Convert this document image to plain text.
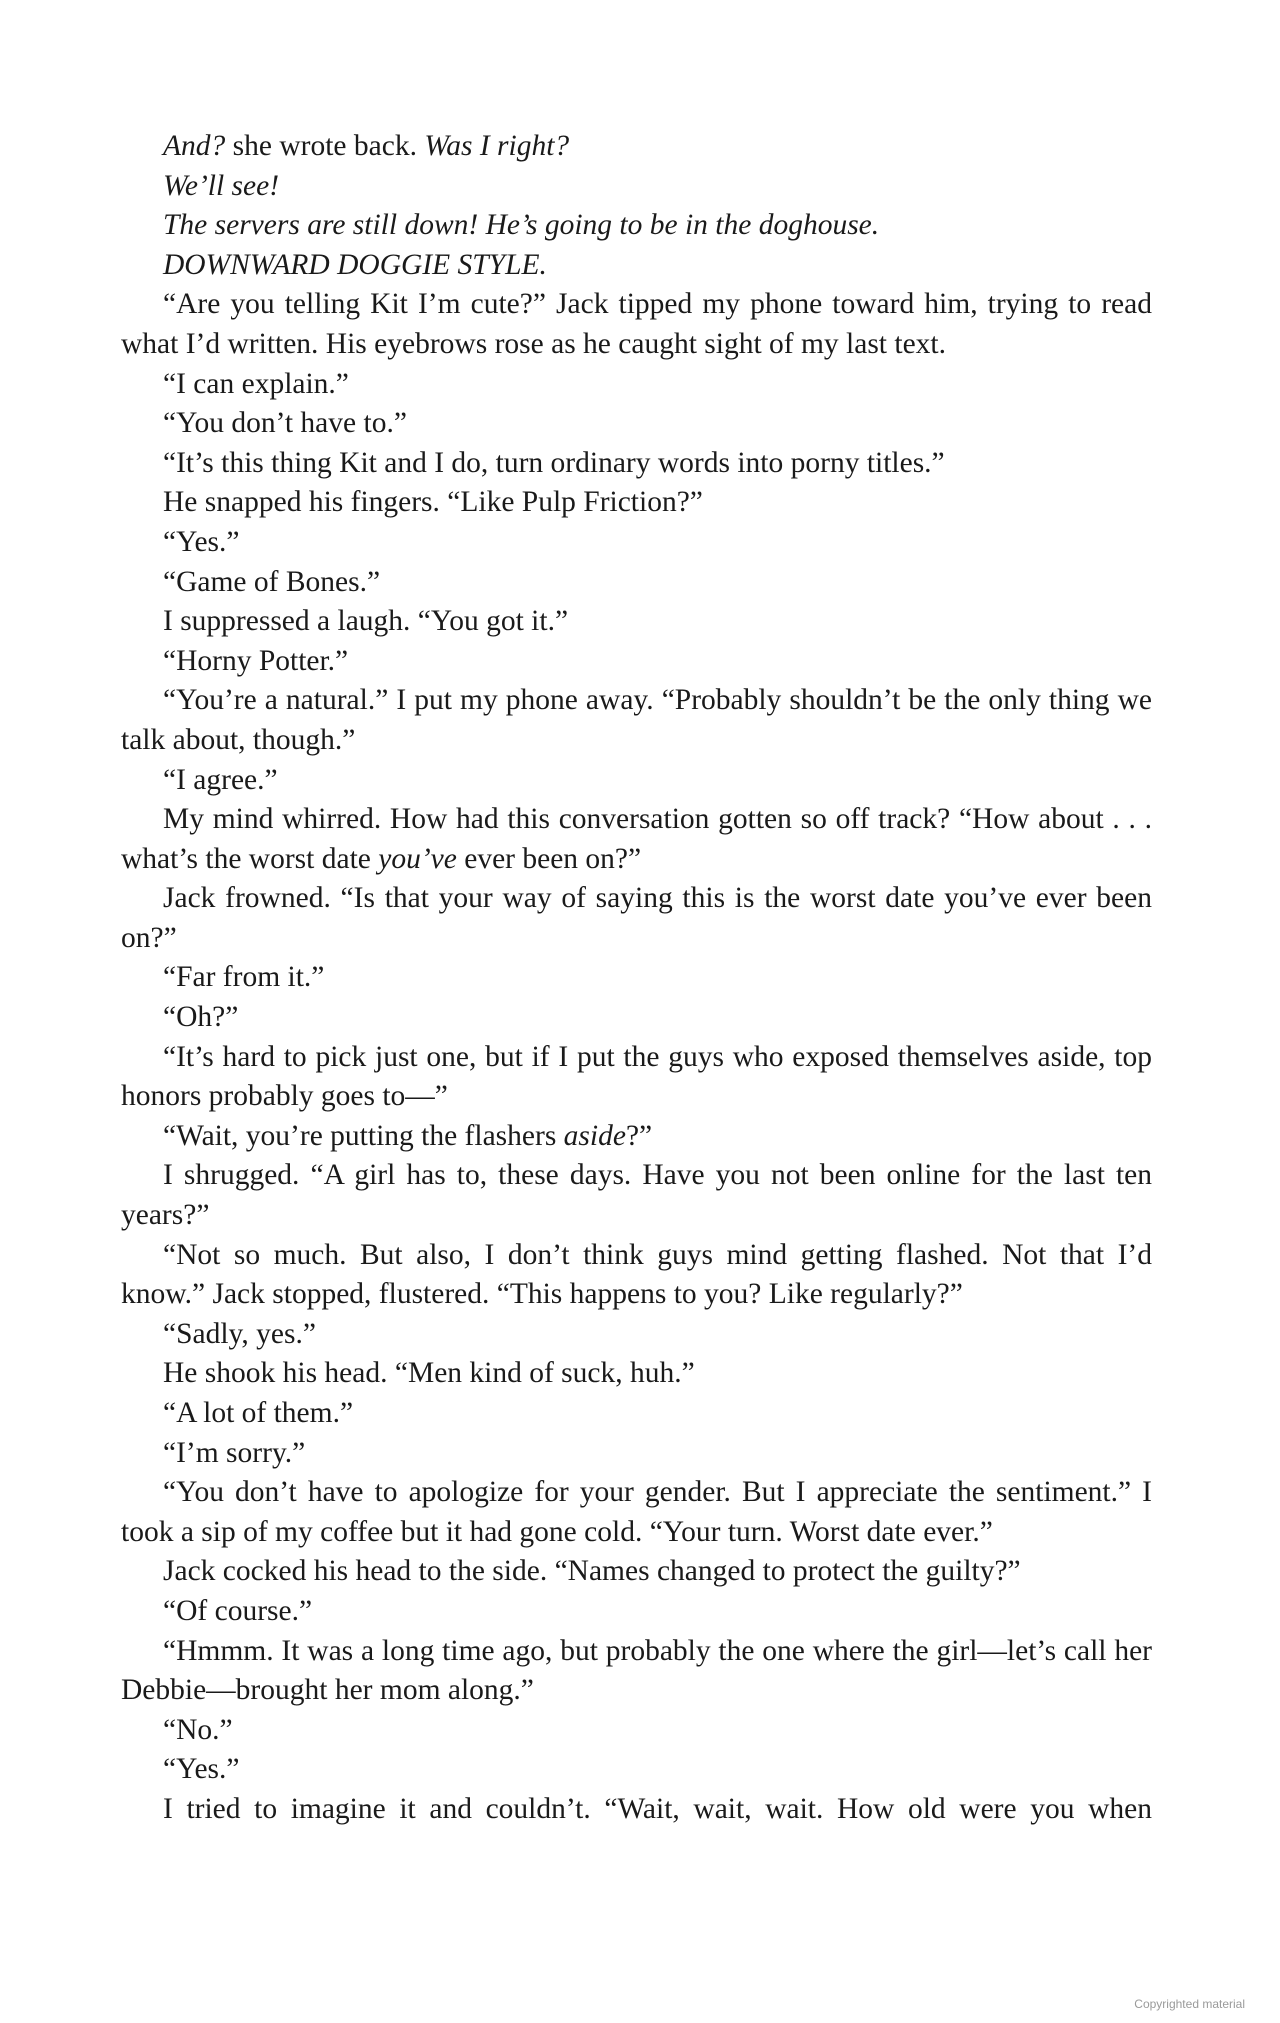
And? she wrote back. Was I right?

We’ll see!

The servers are still down! He’s going to be in the doghouse.

DOWNWARD DOGGIE STYLE.

“Are you telling Kit I’m cute?” Jack tipped my phone toward him, trying to read what I’d written. His eyebrows rose as he caught sight of my last text.

“I can explain.”

“You don’t have to.”

“It’s this thing Kit and I do, turn ordinary words into porny titles.”

He snapped his fingers. “Like Pulp Friction?”

“Yes.”

“Game of Bones.”

I suppressed a laugh. “You got it.”

“Horny Potter.”

“You’re a natural.” I put my phone away. “Probably shouldn’t be the only thing we talk about, though.”

“I agree.”

My mind whirred. How had this conversation gotten so off track? “How about . . . what’s the worst date you’ve ever been on?”

Jack frowned. “Is that your way of saying this is the worst date you’ve ever been on?”

“Far from it.”

“Oh?”

“It’s hard to pick just one, but if I put the guys who exposed themselves aside, top honors probably goes to—”

“Wait, you’re putting the flashers aside?”

I shrugged. “A girl has to, these days. Have you not been online for the last ten years?”

“Not so much. But also, I don’t think guys mind getting flashed. Not that I’d know.” Jack stopped, flustered. “This happens to you? Like regularly?”

“Sadly, yes.”

He shook his head. “Men kind of suck, huh.”

“A lot of them.”

“I’m sorry.”

“You don’t have to apologize for your gender. But I appreciate the sentiment.” I took a sip of my coffee but it had gone cold. “Your turn. Worst date ever.”

Jack cocked his head to the side. “Names changed to protect the guilty?”

“Of course.”

“Hmmm. It was a long time ago, but probably the one where the girl—let’s call her Debbie—brought her mom along.”

“No.”

“Yes.”

I tried to imagine it and couldn’t. “Wait, wait, wait. How old were you when

Copyrighted material
